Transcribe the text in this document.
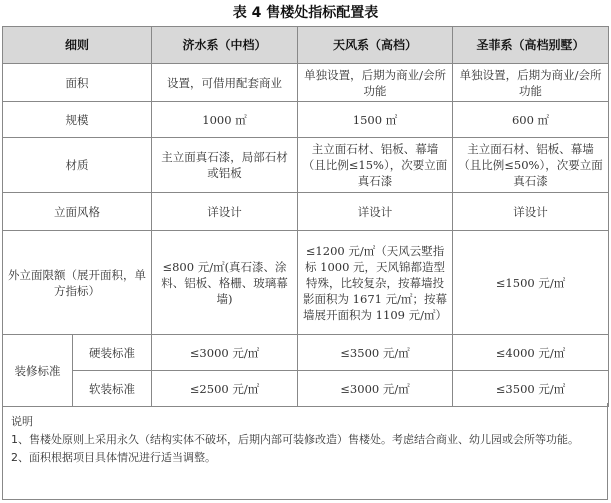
表 4 售楼处指标配置表
细则		济水系（中档）	天风系（高档）	圣菲系（高档别墅）
面积		设置，可借用配套商业	单独设置，后期为商业/会所功能	单独设置，后期为商业/会所功能
规模		1000 ㎡	1500 ㎡	600 ㎡
材质		主立面真石漆，局部石材或铝板	主立面石材、铝板、幕墙（且比例≤15%），次要立面真石漆	主立面石材、铝板、幕墙（且比例≤50%），次要立面真石漆
立面风格		详设计	详设计	详设计
外立面限额（展开面积，单方指标）		≤800 元/㎡(真石漆、涂料、铝板、格栅、玻璃幕墙)	≤1200 元/㎡（天风云墅指标 1000 元，天风锦都造型特殊，比较复杂，按幕墙投影面积为 1671 元/㎡；按幕墙展开面积为 1109 元/㎡）	≤1500 元/㎡
装修标准	硬装标准	≤3000 元/㎡	≤3500 元/㎡	≤4000 元/㎡
	软装标准	≤2500 元/㎡	≤3000 元/㎡	≤3500 元/㎡
说明
1、售楼处原则上采用永久（结构实体不破坏，后期内部可装修改造）售楼处。考虑结合商业、幼儿园或会所等功能。
2、面积根据项目具体情况进行适当调整。
